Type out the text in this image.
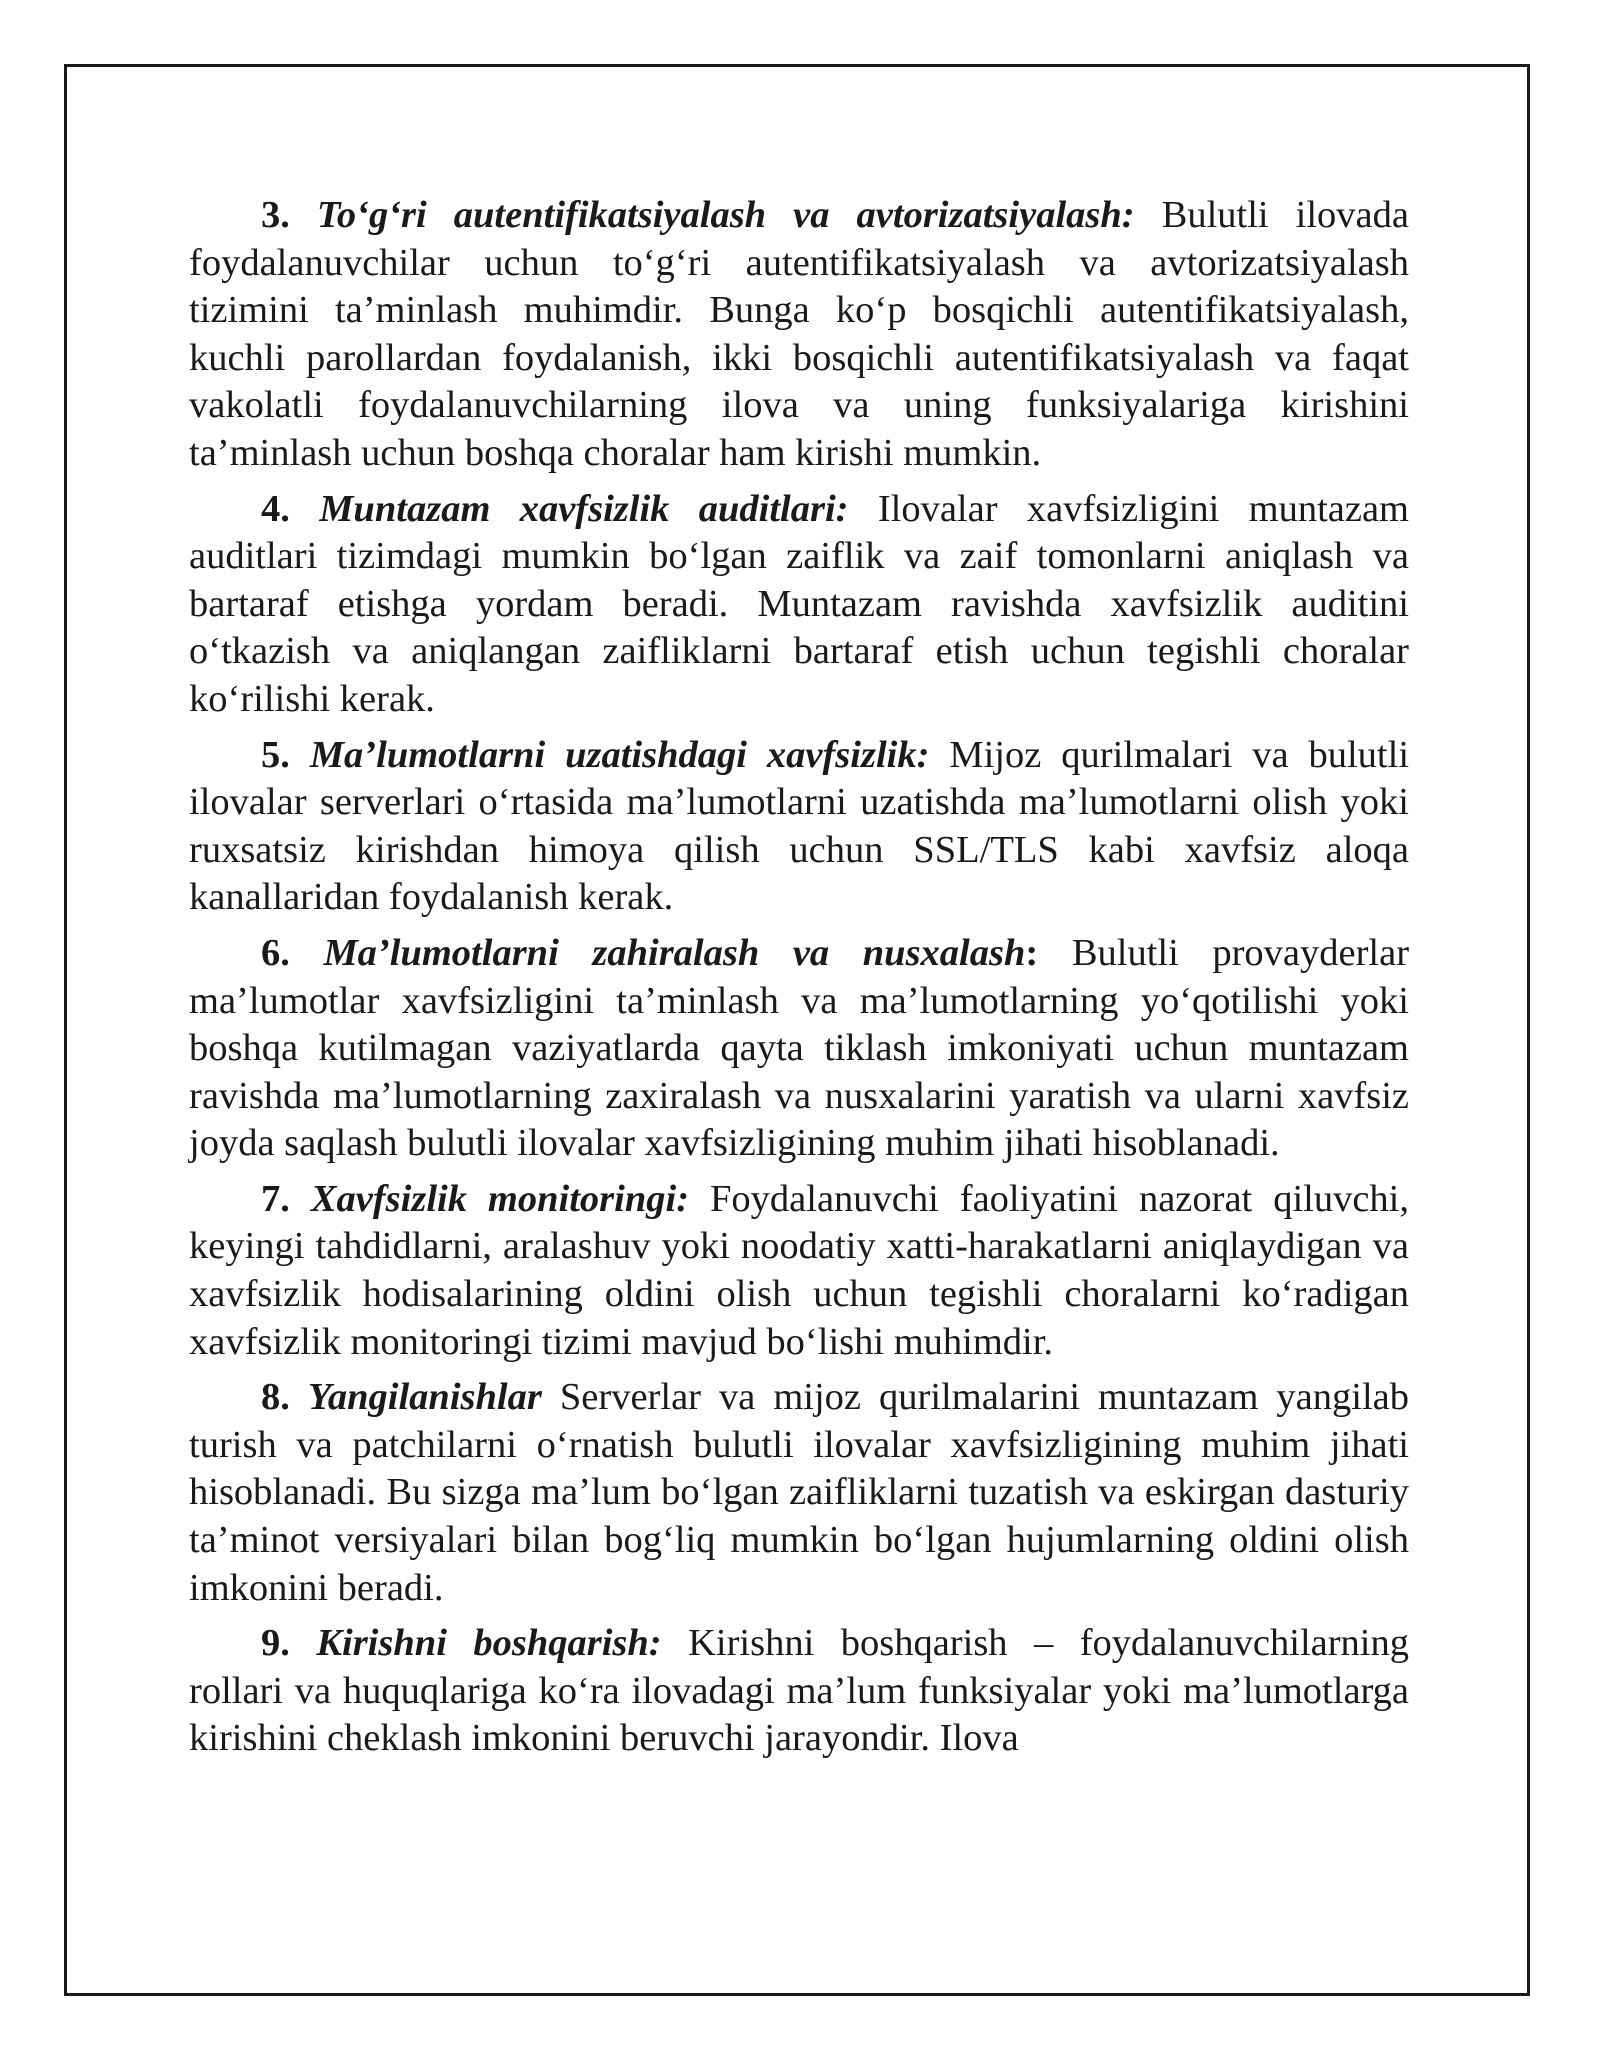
3. To‘g‘ri autentifikatsiyalash va avtorizatsiyalash: Bulutli ilovada foydalanuvchilar uchun to‘g‘ri autentifikatsiyalash va avtorizatsiyalash tizimini ta’minlash muhimdir. Bunga ko‘p bosqichli autentifikatsiyalash, kuchli parollardan foydalanish, ikki bosqichli autentifikatsiyalash va faqat vakolatli foydalanuvchilarning ilova va uning funksiyalariga kirishini ta’minlash uchun boshqa choralar ham kirishi mumkin.

4. Muntazam xavfsizlik auditlari: Ilovalar xavfsizligini muntazam auditlari tizimdagi mumkin bo‘lgan zaiflik va zaif tomonlarni aniqlash va bartaraf etishga yordam beradi. Muntazam ravishda xavfsizlik auditini o‘tkazish va aniqlangan zaifliklarni bartaraf etish uchun tegishli choralar ko‘rilishi kerak.

5. Ma’lumotlarni uzatishdagi xavfsizlik: Mijoz qurilmalari va bulutli ilovalar serverlari o‘rtasida ma’lumotlarni uzatishda ma’lumotlarni olish yoki ruxsatsiz kirishdan himoya qilish uchun SSL/TLS kabi xavfsiz aloqa kanallaridan foydalanish kerak.

6. Ma’lumotlarni zahiralash va nusxalash: Bulutli provayderlar ma’lumotlar xavfsizligini ta’minlash va ma’lumotlarning yo‘qotilishi yoki boshqa kutilmagan vaziyatlarda qayta tiklash imkoniyati uchun muntazam ravishda ma’lumotlarning zaxiralash va nusxalarini yaratish va ularni xavfsiz joyda saqlash bulutli ilovalar xavfsizligining muhim jihati hisoblanadi.

7. Xavfsizlik monitoringi: Foydalanuvchi faoliyatini nazorat qiluvchi, keyingi tahdidlarni, aralashuv yoki noodatiy xatti-harakatlarni aniqlaydigan va xavfsizlik hodisalarining oldini olish uchun tegishli choralarni ko‘radigan xavfsizlik monitoringi tizimi mavjud bo‘lishi muhimdir.

8. Yangilanishlar Serverlar va mijoz qurilmalarini muntazam yangilab turish va patchilarni o‘rnatish bulutli ilovalar xavfsizligining muhim jihati hisoblanadi. Bu sizga ma’lum bo‘lgan zaifliklarni tuzatish va eskirgan dasturiy ta’minot versiyalari bilan bog‘liq mumkin bo‘lgan hujumlarning oldini olish imkonini beradi.

9. Kirishni boshqarish: Kirishni boshqarish – foydalanuvchilarning rollari va huquqlariga ko‘ra ilovadagi ma’lum funksiyalar yoki ma’lumotlarga kirishini cheklash imkonini beruvchi jarayondir. Ilova
